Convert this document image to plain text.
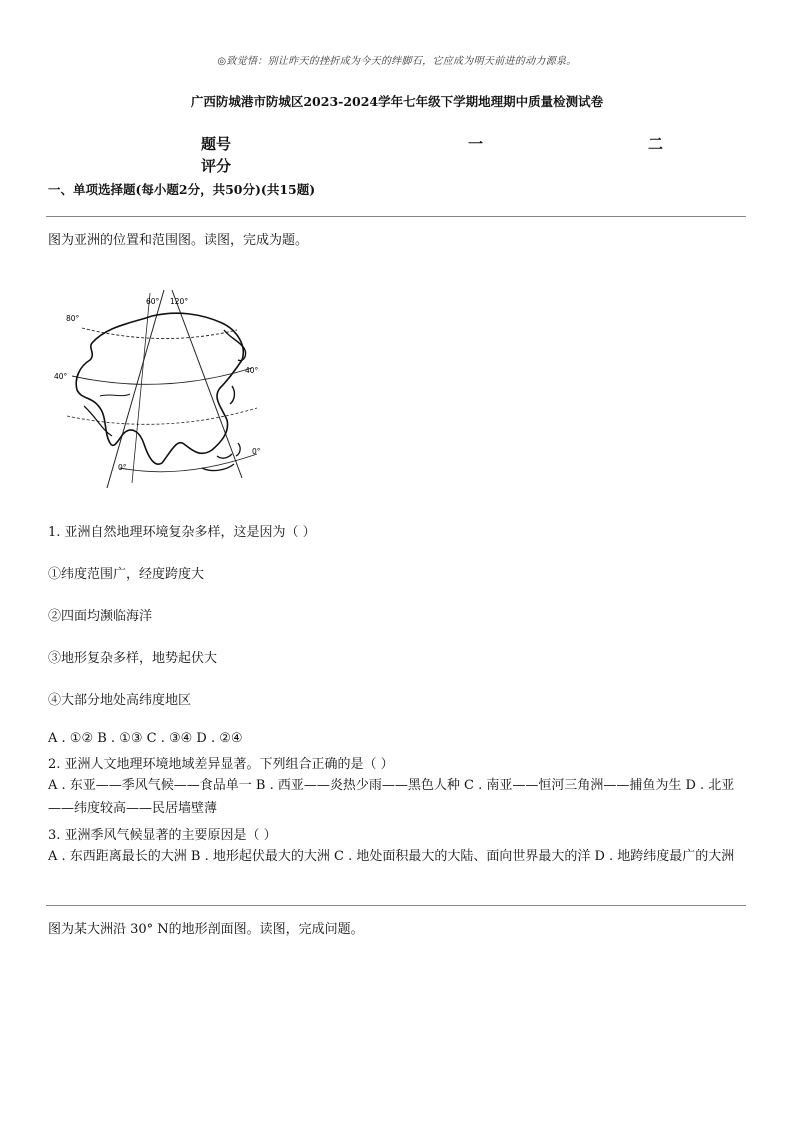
◎致觉悟：别让昨天的挫折成为今天的绊脚石，它应成为明天前进的动力源泉。
广西防城港市防城区2023-2024学年七年级下学期地理期中质量检测试卷
题号
评分
一	二
一、单项选择题(每小题2分，共50分)(共15题)
图为亚洲的位置和范围图。读图，完成为题。
60° 120°
80°
40°
40°
0°
0°
1. 亚洲自然地理环境复杂多样，这是因为（ ）
①纬度范围广，经度跨度大
②四面均濒临海洋
③地形复杂多样，地势起伏大
④大部分地处高纬度地区
A . ①② B . ①③ C . ③④ D . ②④
2. 亚洲人文地理环境地域差异显著。下列组合正确的是（ ）
A . 东亚——季风气候——食品单一 B . 西亚——炎热少雨——黑色人种 C . 南亚——恒河三角洲——捕鱼为生 D . 北亚——纬度较高——民居墙壁薄
3. 亚洲季风气候显著的主要原因是（ ）
A . 东西距离最长的大洲 B . 地形起伏最大的大洲 C . 地处面积最大的大陆、面向世界最大的洋 D . 地跨纬度最广的大洲
图为某大洲沿 30° N的地形剖面图。读图，完成问题。
